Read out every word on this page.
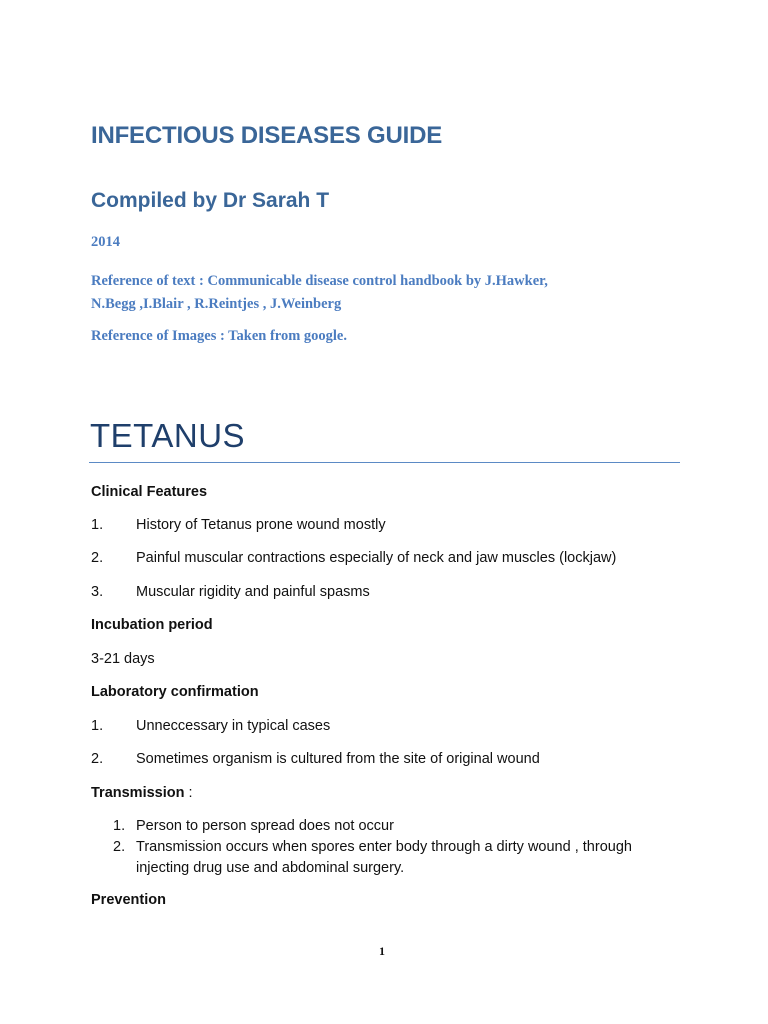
INFECTIOUS DISEASES GUIDE
Compiled by Dr Sarah T
2014
Reference of text : Communicable disease control handbook by J.Hawker,
N.Begg ,I.Blair , R.Reintjes , J.Weinberg
Reference of Images : Taken from google.
TETANUS
Clinical Features
1. History of Tetanus prone wound mostly
2. Painful muscular contractions especially of neck and jaw muscles (lockjaw)
3. Muscular rigidity and painful spasms
Incubation period
3-21 days
Laboratory confirmation
1. Unneccessary in typical cases
2. Sometimes organism is cultured from the site of original wound
Transmission :
1. Person to person spread does not occur
2. Transmission occurs when spores enter body through a dirty wound , through
injecting drug use and abdominal surgery.
Prevention
1
